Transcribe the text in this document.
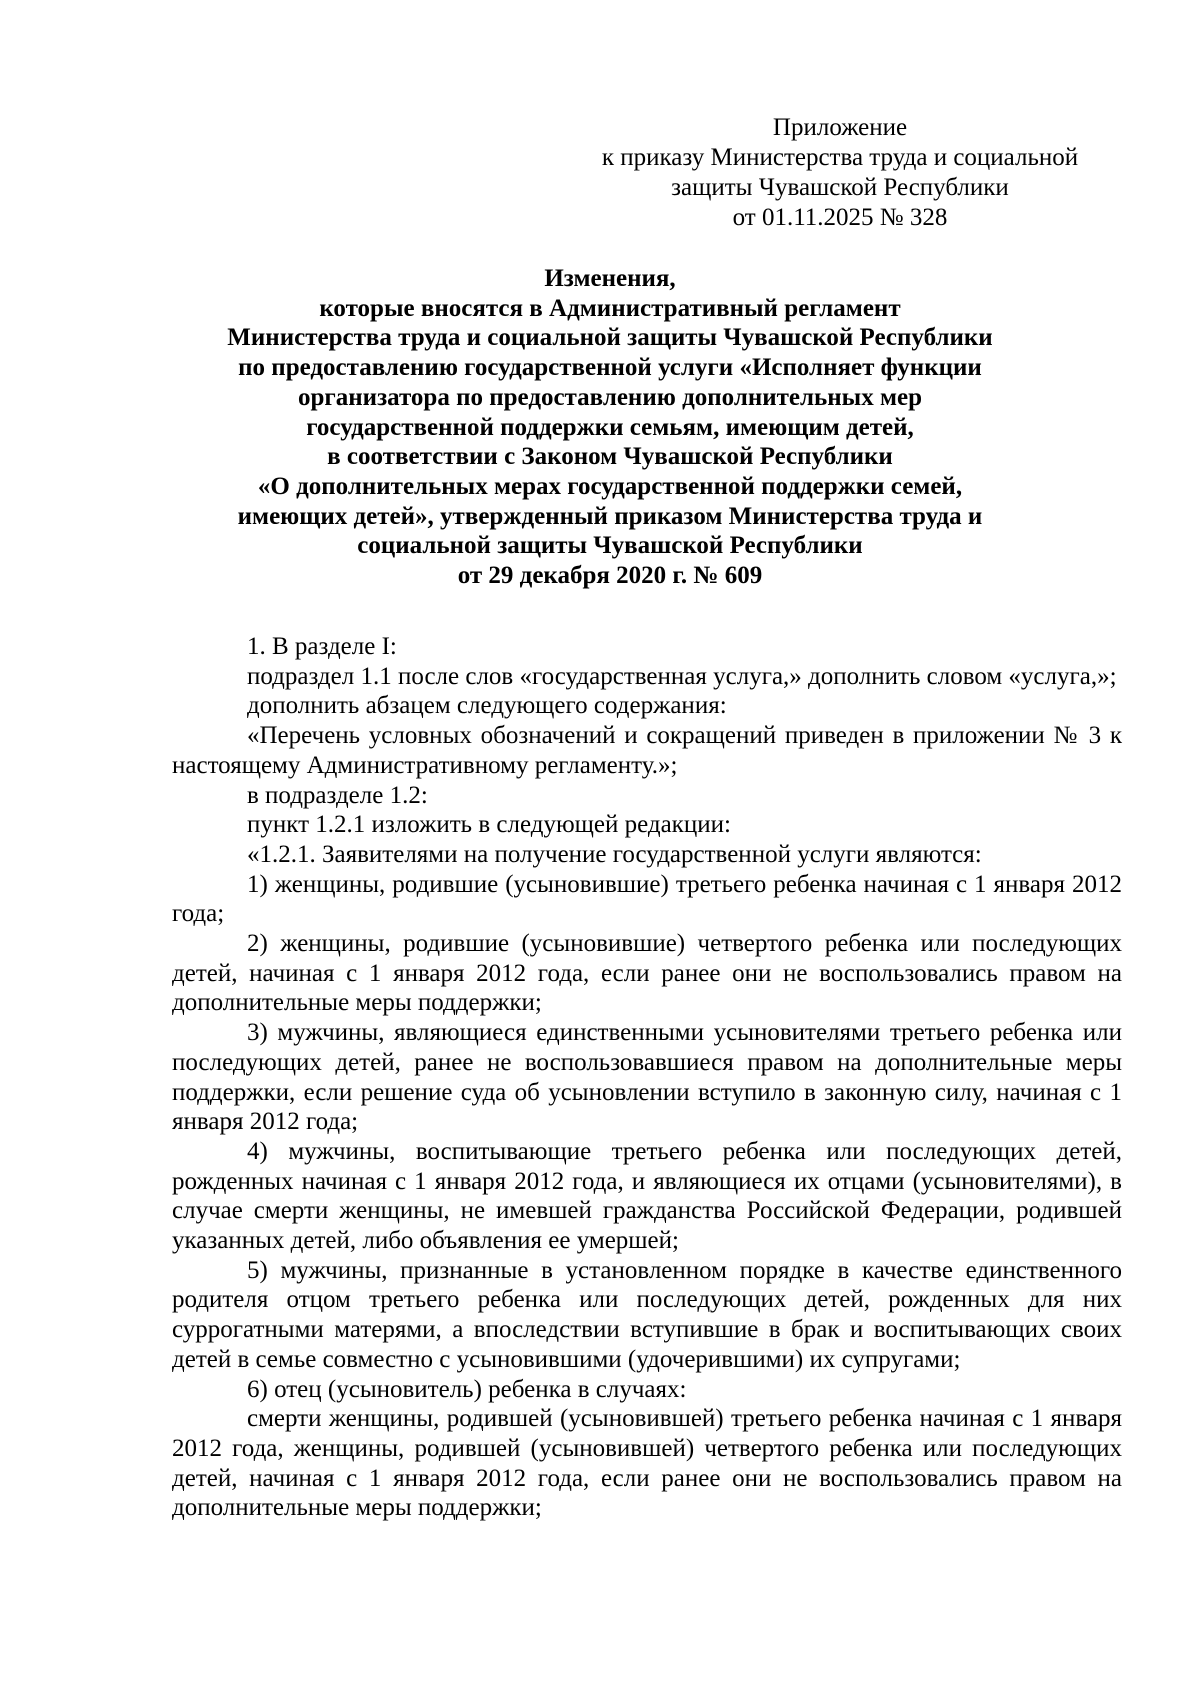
Приложение
к приказу Министерства труда и социальной
защиты Чувашской Республики
от 01.11.2025 № 328
Изменения,
которые вносятся в Административный регламент
Министерства труда и социальной защиты Чувашской Республики
по предоставлению государственной услуги «Исполняет функции
организатора по предоставлению дополнительных мер
государственной поддержки семьям, имеющим детей,
в соответствии с Законом Чувашской Республики
«О дополнительных мерах государственной поддержки семей,
имеющих детей», утвержденный приказом Министерства труда и
социальной защиты Чувашской Республики
от 29 декабря 2020 г. № 609

1. В разделе I:

подраздел 1.1 после слов «государственная услуга,» дополнить словом «услуга,»;

дополнить абзацем следующего содержания:

«Перечень условных обозначений и сокращений приведен в приложении № 3 к настоящему Административному регламенту.»;

в подразделе 1.2:

пункт 1.2.1 изложить в следующей редакции:

«1.2.1. Заявителями на получение государственной услуги являются:

1) женщины, родившие (усыновившие) третьего ребенка начиная с 1 января 2012 года;

2) женщины, родившие (усыновившие) четвертого ребенка или последующих детей, начиная с 1 января 2012 года, если ранее они не воспользовались правом на дополнительные меры поддержки;

3) мужчины, являющиеся единственными усыновителями третьего ребенка или последующих детей, ранее не воспользовавшиеся правом на дополнительные меры поддержки, если решение суда об усыновлении вступило в законную силу, начиная с 1 января 2012 года;

4) мужчины, воспитывающие третьего ребенка или последующих детей, рожденных начиная с 1 января 2012 года, и являющиеся их отцами (усыновителями), в случае смерти женщины, не имевшей гражданства Российской Федерации, родившей указанных детей, либо объявления ее умершей;

5) мужчины, признанные в установленном порядке в качестве единственного родителя отцом третьего ребенка или последующих детей, рожденных для них суррогатными матерями, а впоследствии вступившие в брак и воспитывающих своих детей в семье совместно с усыновившими (удочерившими) их супругами;

6) отец (усыновитель) ребенка в случаях:

смерти женщины, родившей (усыновившей) третьего ребенка начиная с 1 января 2012 года, женщины, родившей (усыновившей) четвертого ребенка или последующих детей, начиная с 1 января 2012 года, если ранее они не воспользовались правом на дополнительные меры поддержки;
